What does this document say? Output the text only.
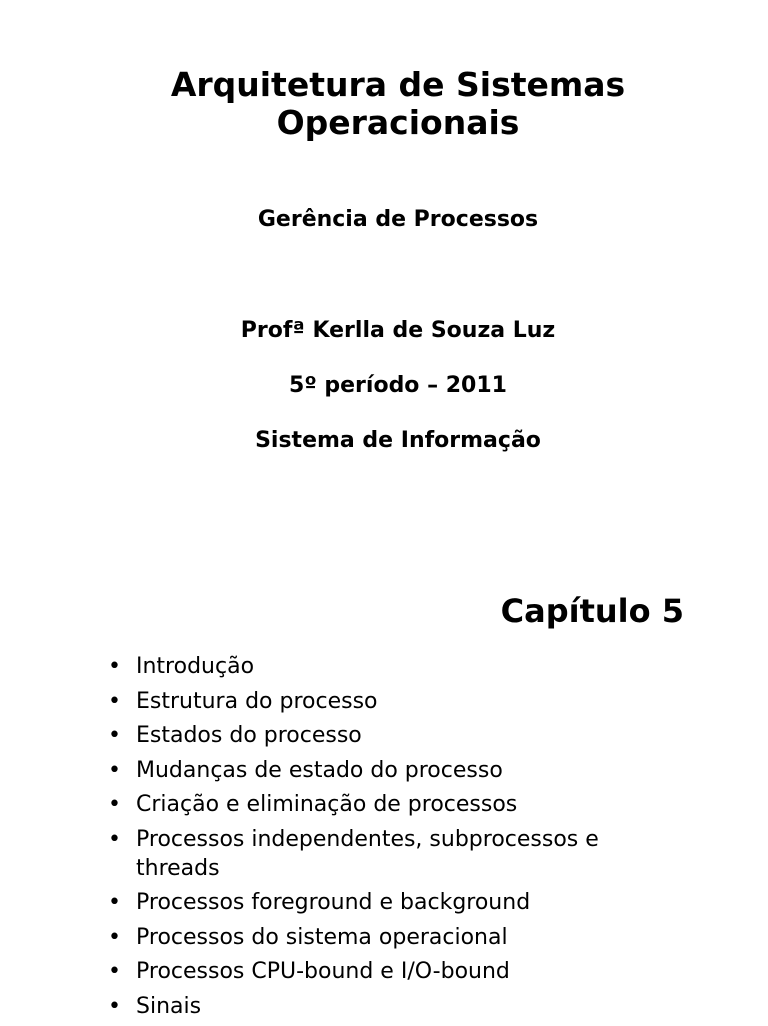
Arquitetura de Sistemas
Operacionais

Gerência de Processos

Profª Kerlla de Souza Luz

5º período – 2011

Sistema de Informação

Capítulo 5
• Introdução
• Estrutura do processo
• Estados do processo
• Mudanças de estado do processo
• Criação e eliminação de processos
• Processos independentes, subprocessos e threads
• Processos foreground e background
• Processos do sistema operacional
• Processos CPU-bound e I/O-bound
• Sinais
